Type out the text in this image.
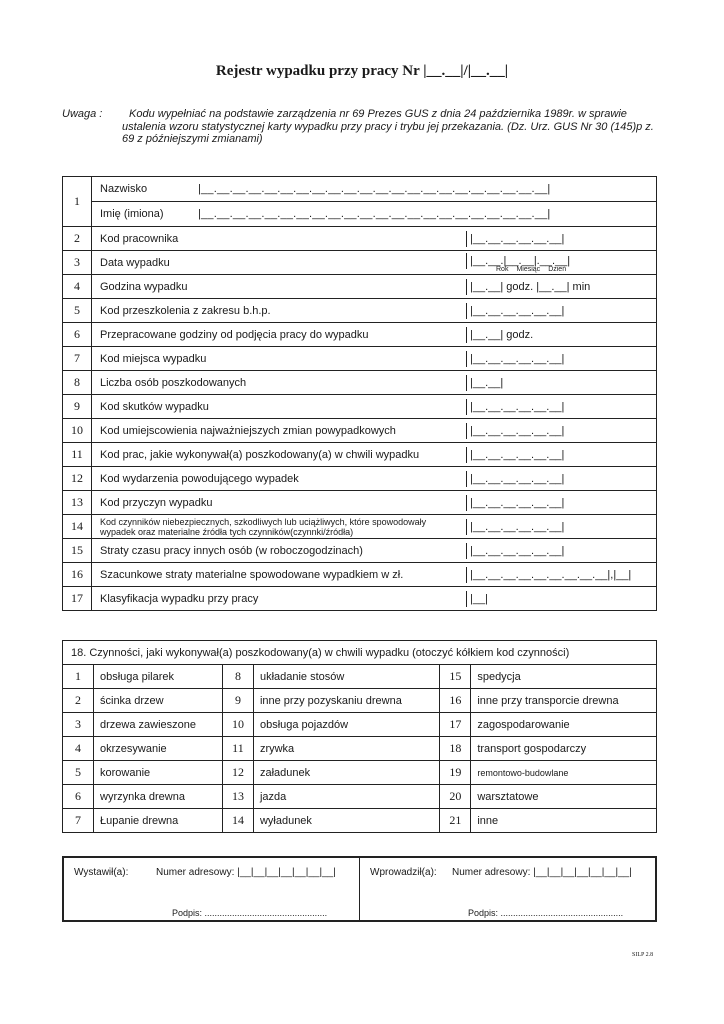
Rejestr wypadku przy pracy Nr |__.__|/|__.__|
Uwaga :	Kodu wypełniać na podstawie zarządzenia nr 69 Prezes GUS z dnia 24 października 1989r. w sprawie ustalenia wzoru statystycznej karty wypadku przy pracy i trybu jej przekazania. (Dz. Urz. GUS Nr 30 (145)p z. 69 z późniejszymi zmianami)
1	Nazwisko |__.__.__.__.__.__.__.__.__.__.__.__.__.__.__.__.__.__.__.__.__.__|	

	Imię (imiona) |__.__.__.__.__.__.__.__.__.__.__.__.__.__.__.__.__.__.__.__.__.__|	

2	Kod pracownika	|__.__.__.__.__.__|
3	Data wypadku	|__.__.|__.__|.__.__|
Rok Miesiąc Dzień

4	Godzina wypadku	|__.__| godz. |__.__| min
5	Kod przeszkolenia z zakresu b.h.p.	|__.__.__.__.__.__|
6	Przepracowane godziny od podjęcia pracy do wypadku	|__.__| godz.
7	Kod miejsca wypadku	|__.__.__.__.__.__|
8	Liczba osób poszkodowanych	|__.__|
9	Kod skutków wypadku	|__.__.__.__.__.__|
10	Kod umiejscowienia najważniejszych zmian powypadkowych	|__.__.__.__.__.__|
11	Kod prac, jakie wykonywał(a) poszkodowany(a) w chwili wypadku	|__.__.__.__.__.__|
12	Kod wydarzenia powodującego wypadek	|__.__.__.__.__.__|
13	Kod przyczyn wypadku	|__.__.__.__.__.__|
14	Kod czynników niebezpiecznych, szkodliwych lub uciążliwych, które spowodowały wypadek oraz materialne źródła tych czynników(czynnki/źródła)	|__.__.__.__.__.__|
15	Straty czasu pracy innych osób (w roboczogodzinach)	|__.__.__.__.__.__|
16	Szacunkowe straty materialne spowodowane wypadkiem w zł.	|__.__.__.__.__.__.__.__.__|,|__|
17	Klasyfikacja wypadku przy pracy	|__|
18. Czynności, jaki wykonywał(a) poszkodowany(a) w chwili wypadku (otoczyć kółkiem kod czynności)					
1	obsługa pilarek	8	układanie stosów	15	spedycja
2	ścinka drzew	9	inne przy pozyskaniu drewna	16	inne przy transporcie drewna
3	drzewa zawieszone	10	obsługa pojazdów	17	zagospodarowanie
4	okrzesywanie	11	zrywka	18	transport gospodarczy
5	korowanie	12	załadunek	19	remontowo-budowlane
6	wyrzynka drewna	13	jazda	20	warsztatowe
7	Łupanie drewna	14	wyładunek	21	inne
Wystawił(a):	Numer adresowy: |__|__|__|__|__|__|__|
Podpis: .................................................
Wprowadził(a): Numer adresowy: |__|__|__|__|__|__|__|
Podpis: .................................................
SILP 2.8
